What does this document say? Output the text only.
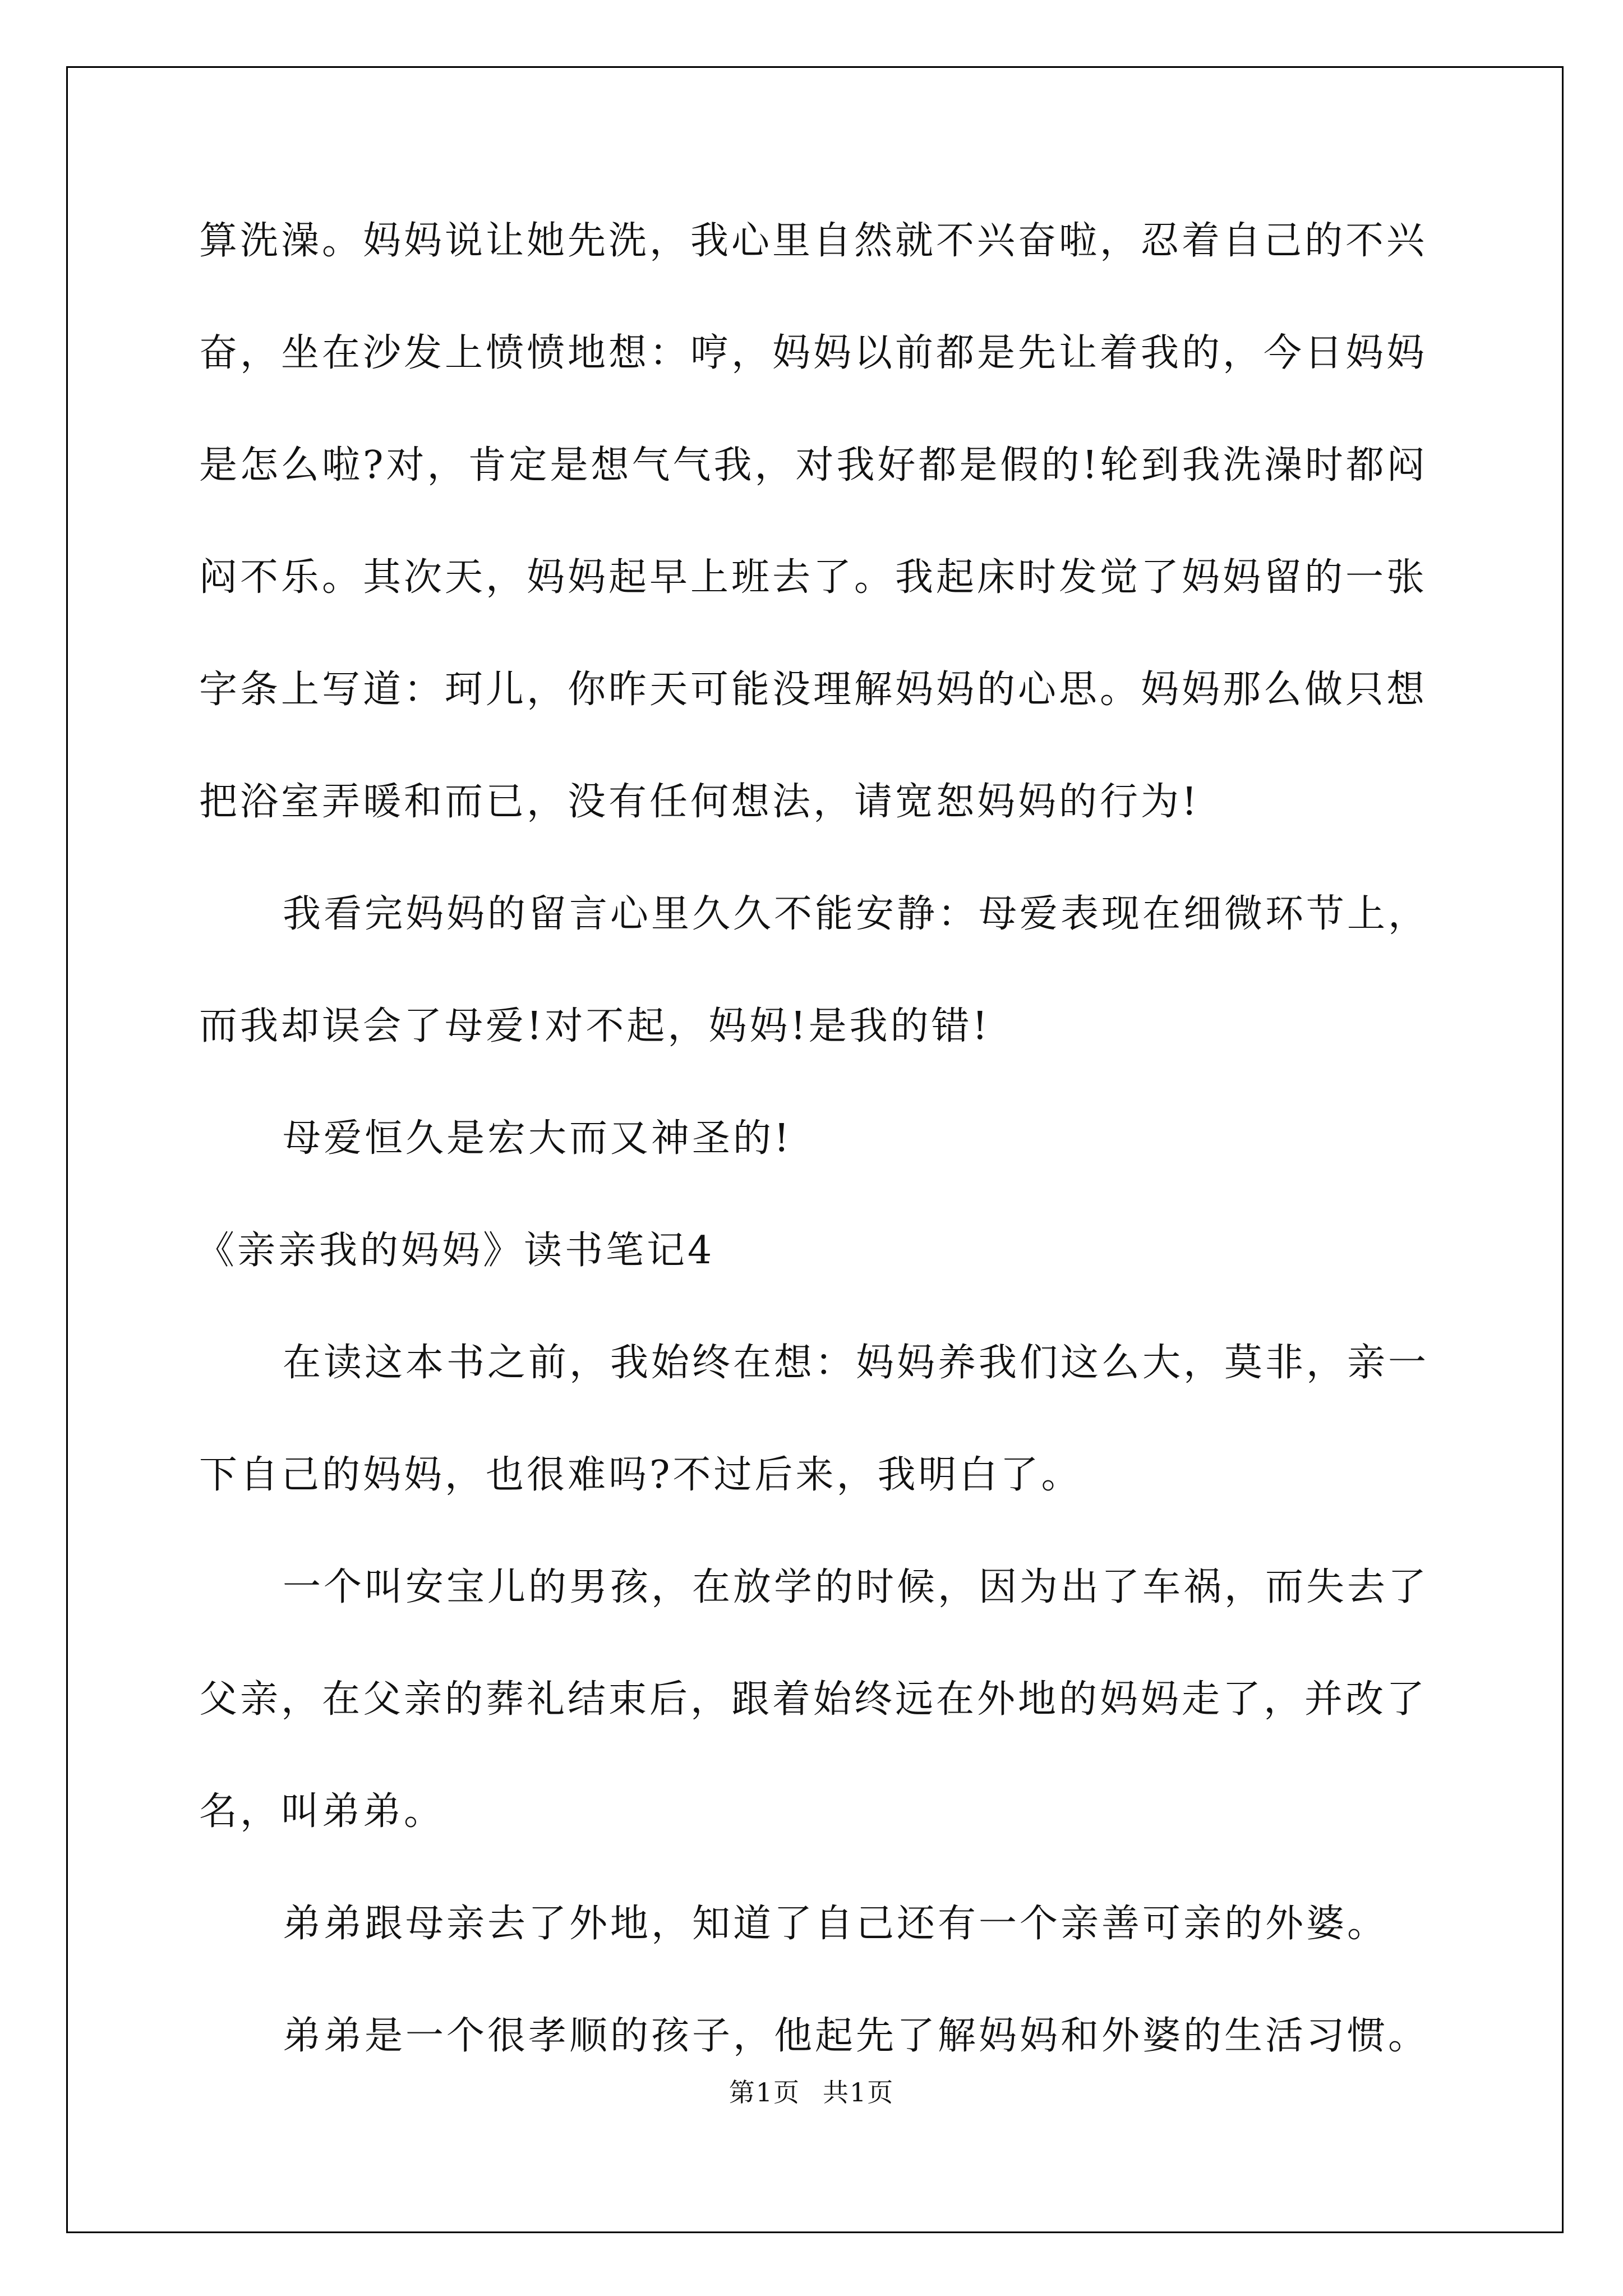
算洗澡。妈妈说让她先洗，我心里自然就不兴奋啦，忍着自己的不兴
奋，坐在沙发上愤愤地想：哼，妈妈以前都是先让着我的，今日妈妈
是怎么啦?对，肯定是想气气我，对我好都是假的!轮到我洗澡时都闷
闷不乐。其次天，妈妈起早上班去了。我起床时发觉了妈妈留的一张
字条上写道：珂儿，你昨天可能没理解妈妈的心思。妈妈那么做只想
把浴室弄暖和而已，没有任何想法，请宽恕妈妈的行为!
我看完妈妈的留言心里久久不能安静：母爱表现在细微环节上，
而我却误会了母爱!对不起，妈妈!是我的错!
母爱恒久是宏大而又神圣的!
《亲亲我的妈妈》读书笔记4
在读这本书之前，我始终在想：妈妈养我们这么大，莫非，亲一
下自己的妈妈，也很难吗?不过后来，我明白了。
一个叫安宝儿的男孩，在放学的时候，因为出了车祸，而失去了
父亲，在父亲的葬礼结束后，跟着始终远在外地的妈妈走了，并改了
名，叫弟弟。
弟弟跟母亲去了外地，知道了自己还有一个亲善可亲的外婆。
弟弟是一个很孝顺的孩子，他起先了解妈妈和外婆的生活习惯。
第1页 共1页
